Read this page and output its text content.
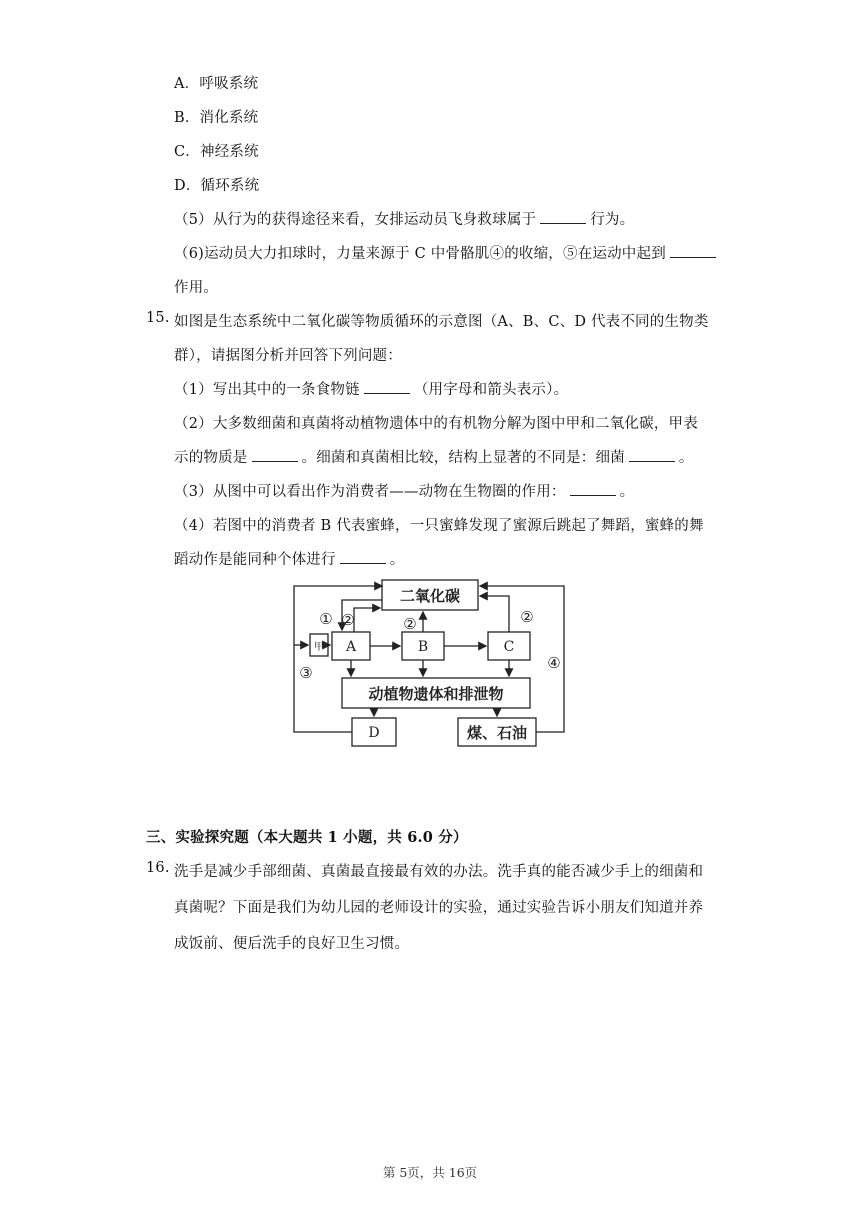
A．呼吸系统
B．消化系统
C．神经系统
D．循环系统
（5）从行为的获得途径来看，女排运动员飞身救球属于	行为。
（6)运动员大力扣球时，力量来源于 C 中骨骼肌④的收缩，⑤在运动中起到
作用。
15. 如图是生态系统中二氧化碳等物质循环的示意图（A、B、C、D 代表不同的生物类
群），请据图分析并回答下列问题：
（1）写出其中的一条食物链	（用字母和箭头表示）。
（2）大多数细菌和真菌将动植物遗体中的有机物分解为图中甲和二氧化碳，甲表
示的物质是	。细菌和真菌相比较，结构上显著的不同是：细菌	。
（3）从图中可以看出作为消费者——动物在生物圈的作用：	。
（4）若图中的消费者 B 代表蜜蜂，一只蜜蜂发现了蜜源后跳起了舞蹈，蜜蜂的舞
蹈动作是能同种个体进行	。
二氧化碳
甲 A	B	C
动植物遗体和排泄物
D	煤、石油
① ②	②	②
③
④
三、实验探究题（本大题共 1 小题，共 6.0 分）
16. 洗手是减少手部细菌、真菌最直接最有效的办法。洗手真的能否减少手上的细菌和
真菌呢？下面是我们为幼儿园的老师设计的实验，通过实验告诉小朋友们知道并养
成饭前、便后洗手的良好卫生习惯。
第 5页，共 16页
